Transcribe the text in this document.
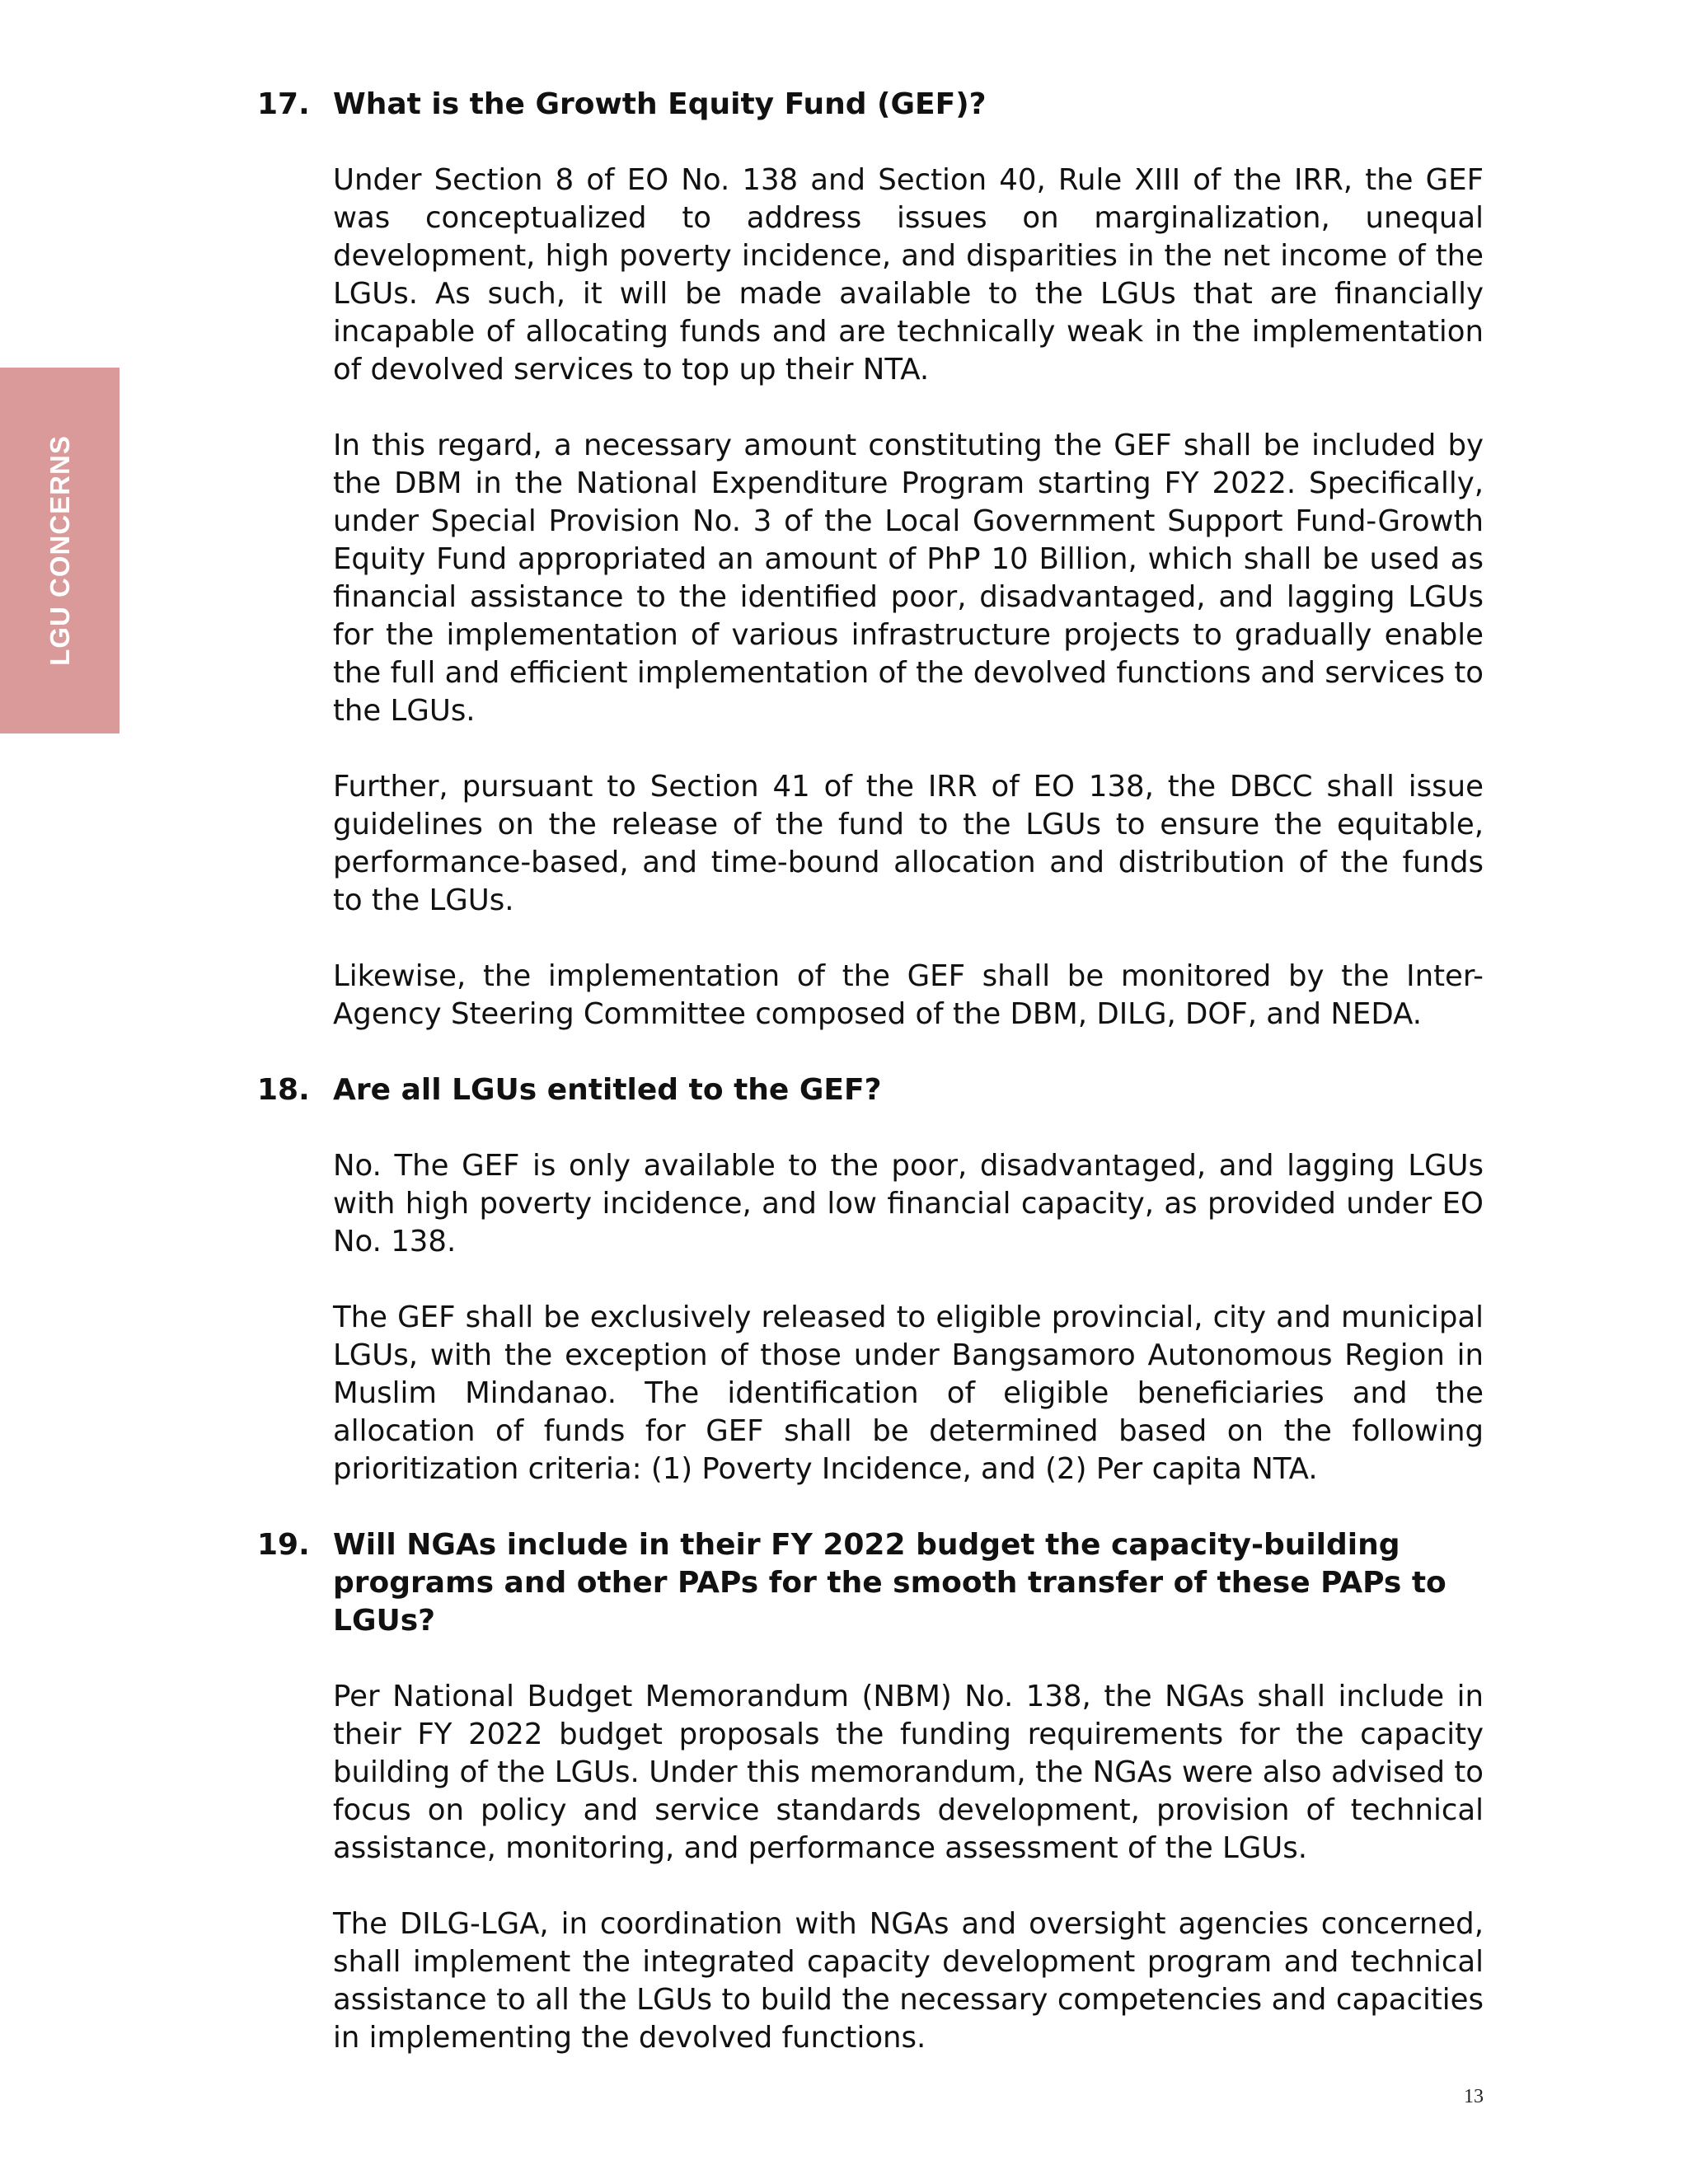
LGU CONCERNS
17. What is the Growth Equity Fund (GEF)?

Under Section 8 of EO No. 138 and Section 40, Rule XIII of the IRR, the GEF was conceptualized to address issues on marginalization, unequal development, high poverty incidence, and disparities in the net income of the LGUs. As such, it will be made available to the LGUs that are financially incapable of allocating funds and are technically weak in the implementation of devolved services to top up their NTA.

In this regard, a necessary amount constituting the GEF shall be included by the DBM in the National Expenditure Program starting FY 2022. Specifically, under Special Provision No. 3 of the Local Government Support Fund-Growth Equity Fund appropriated an amount of PhP 10 Billion, which shall be used as financial assistance to the identified poor, disadvantaged, and lagging LGUs for the implementation of various infrastructure projects to gradually enable the full and efficient implementation of the devolved functions and services to the LGUs.

Further, pursuant to Section 41 of the IRR of EO 138, the DBCC shall issue guidelines on the release of the fund to the LGUs to ensure the equitable, performance-based, and time-bound allocation and distribution of the funds to the LGUs.

Likewise, the implementation of the GEF shall be monitored by the Inter-Agency Steering Committee composed of the DBM, DILG, DOF, and NEDA.

18. Are all LGUs entitled to the GEF?

No. The GEF is only available to the poor, disadvantaged, and lagging LGUs with high poverty incidence, and low financial capacity, as provided under EO No. 138.

The GEF shall be exclusively released to eligible provincial, city and municipal LGUs, with the exception of those under Bangsamoro Autonomous Region in Muslim Mindanao. The identification of eligible beneficiaries and the allocation of funds for GEF shall be determined based on the following prioritization criteria: (1) Poverty Incidence, and (2) Per capita NTA.

19. Will NGAs include in their FY 2022 budget the capacity-building programs and other PAPs for the smooth transfer of these PAPs to LGUs?

Per National Budget Memorandum (NBM) No. 138, the NGAs shall include in their FY 2022 budget proposals the funding requirements for the capacity building of the LGUs. Under this memorandum, the NGAs were also advised to focus on policy and service standards development, provision of technical assistance, monitoring, and performance assessment of the LGUs.

The DILG-LGA, in coordination with NGAs and oversight agencies concerned, shall implement the integrated capacity development program and technical assistance to all the LGUs to build the necessary competencies and capacities in implementing the devolved functions.

13
